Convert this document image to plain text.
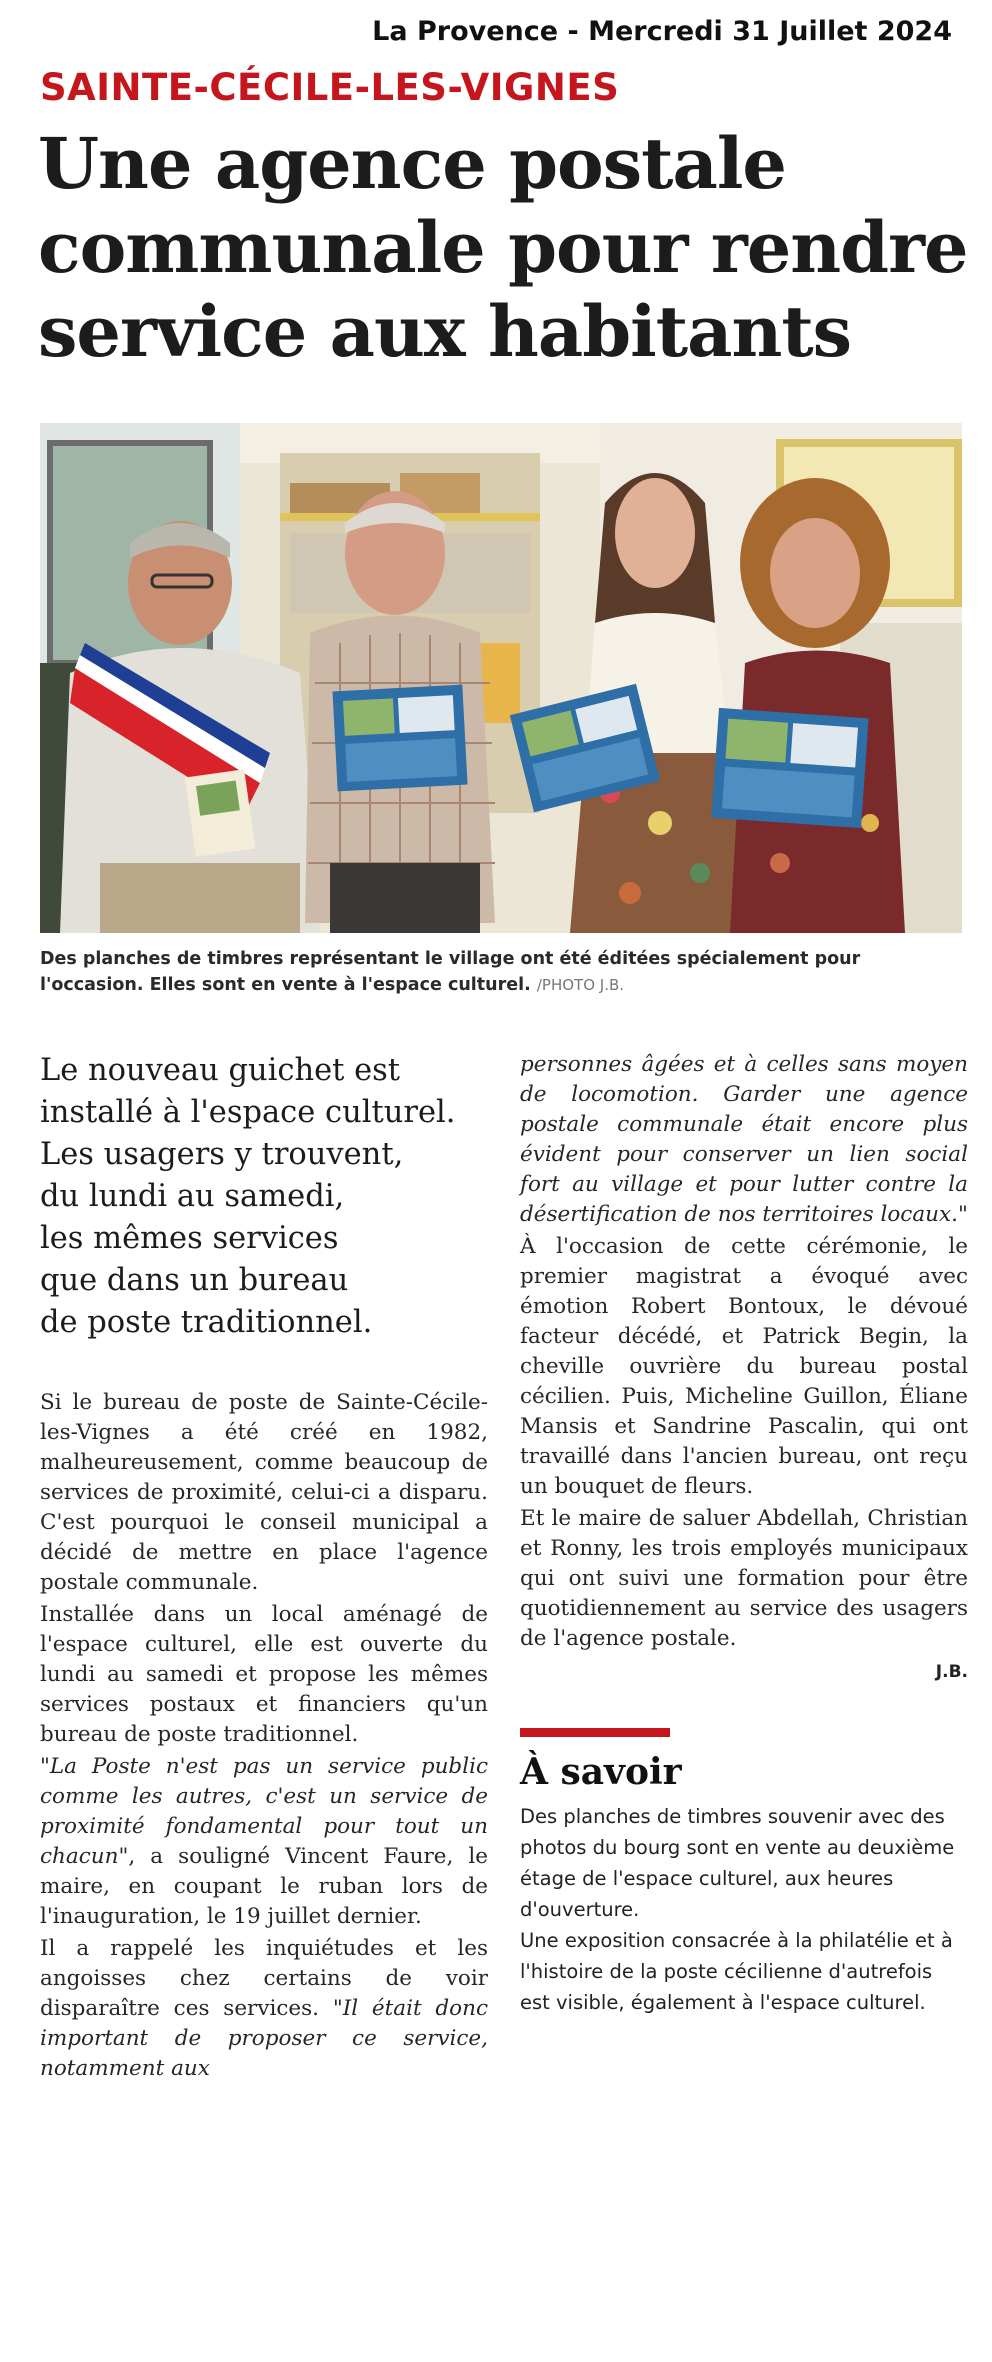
La Provence - Mercredi 31 Juillet 2024
SAINTE-CÉCILE-LES-VIGNES
Une agence postale
communale pour rendre
service aux habitants
Des planches de timbres représentant le village ont été éditées spécialement pour l'occasion. Elles sont en vente à l'espace culturel. /PHOTO J.B.
Le nouveau guichet est
installé à l'espace culturel.
Les usagers y trouvent,
du lundi au samedi,
les mêmes services
que dans un bureau
de poste traditionnel.

Si le bureau de poste de Sainte-Cécile-les-Vignes a été créé en 1982, malheureusement, comme beaucoup de services de proximité, celui-ci a disparu. C'est pourquoi le conseil municipal a décidé de mettre en place l'agence postale communale.

Installée dans un local aménagé de l'espace culturel, elle est ouverte du lundi au samedi et propose les mêmes services postaux et financiers qu'un bureau de poste traditionnel.

"La Poste n'est pas un service public comme les autres, c'est un service de proximité fondamental pour tout un chacun", a souligné Vincent Faure, le maire, en coupant le ruban lors de l'inauguration, le 19 juillet dernier.

Il a rappelé les inquiétudes et les angoisses chez certains de voir disparaître ces services. "Il était donc important de proposer ce service, notamment aux

personnes âgées et à celles sans moyen de locomotion. Garder une agence postale communale était encore plus évident pour conserver un lien social fort au village et pour lutter contre la désertification de nos territoires locaux."

À l'occasion de cette cérémonie, le premier magistrat a évoqué avec émotion Robert Bontoux, le dévoué facteur décédé, et Patrick Begin, la cheville ouvrière du bureau postal cécilien. Puis, Micheline Guillon, Éliane Mansis et Sandrine Pascalin, qui ont travaillé dans l'ancien bureau, ont reçu un bouquet de fleurs.

Et le maire de saluer Abdellah, Christian et Ronny, les trois employés municipaux qui ont suivi une formation pour être quotidiennement au service des usagers de l'agence postale.

J.B.
À savoir

Des planches de timbres souvenir avec des photos du bourg sont en vente au deuxième étage de l'espace culturel, aux heures d'ouverture.

Une exposition consacrée à la philatélie et à l'histoire de la poste cécilienne d'autrefois est visible, également à l'espace culturel.
